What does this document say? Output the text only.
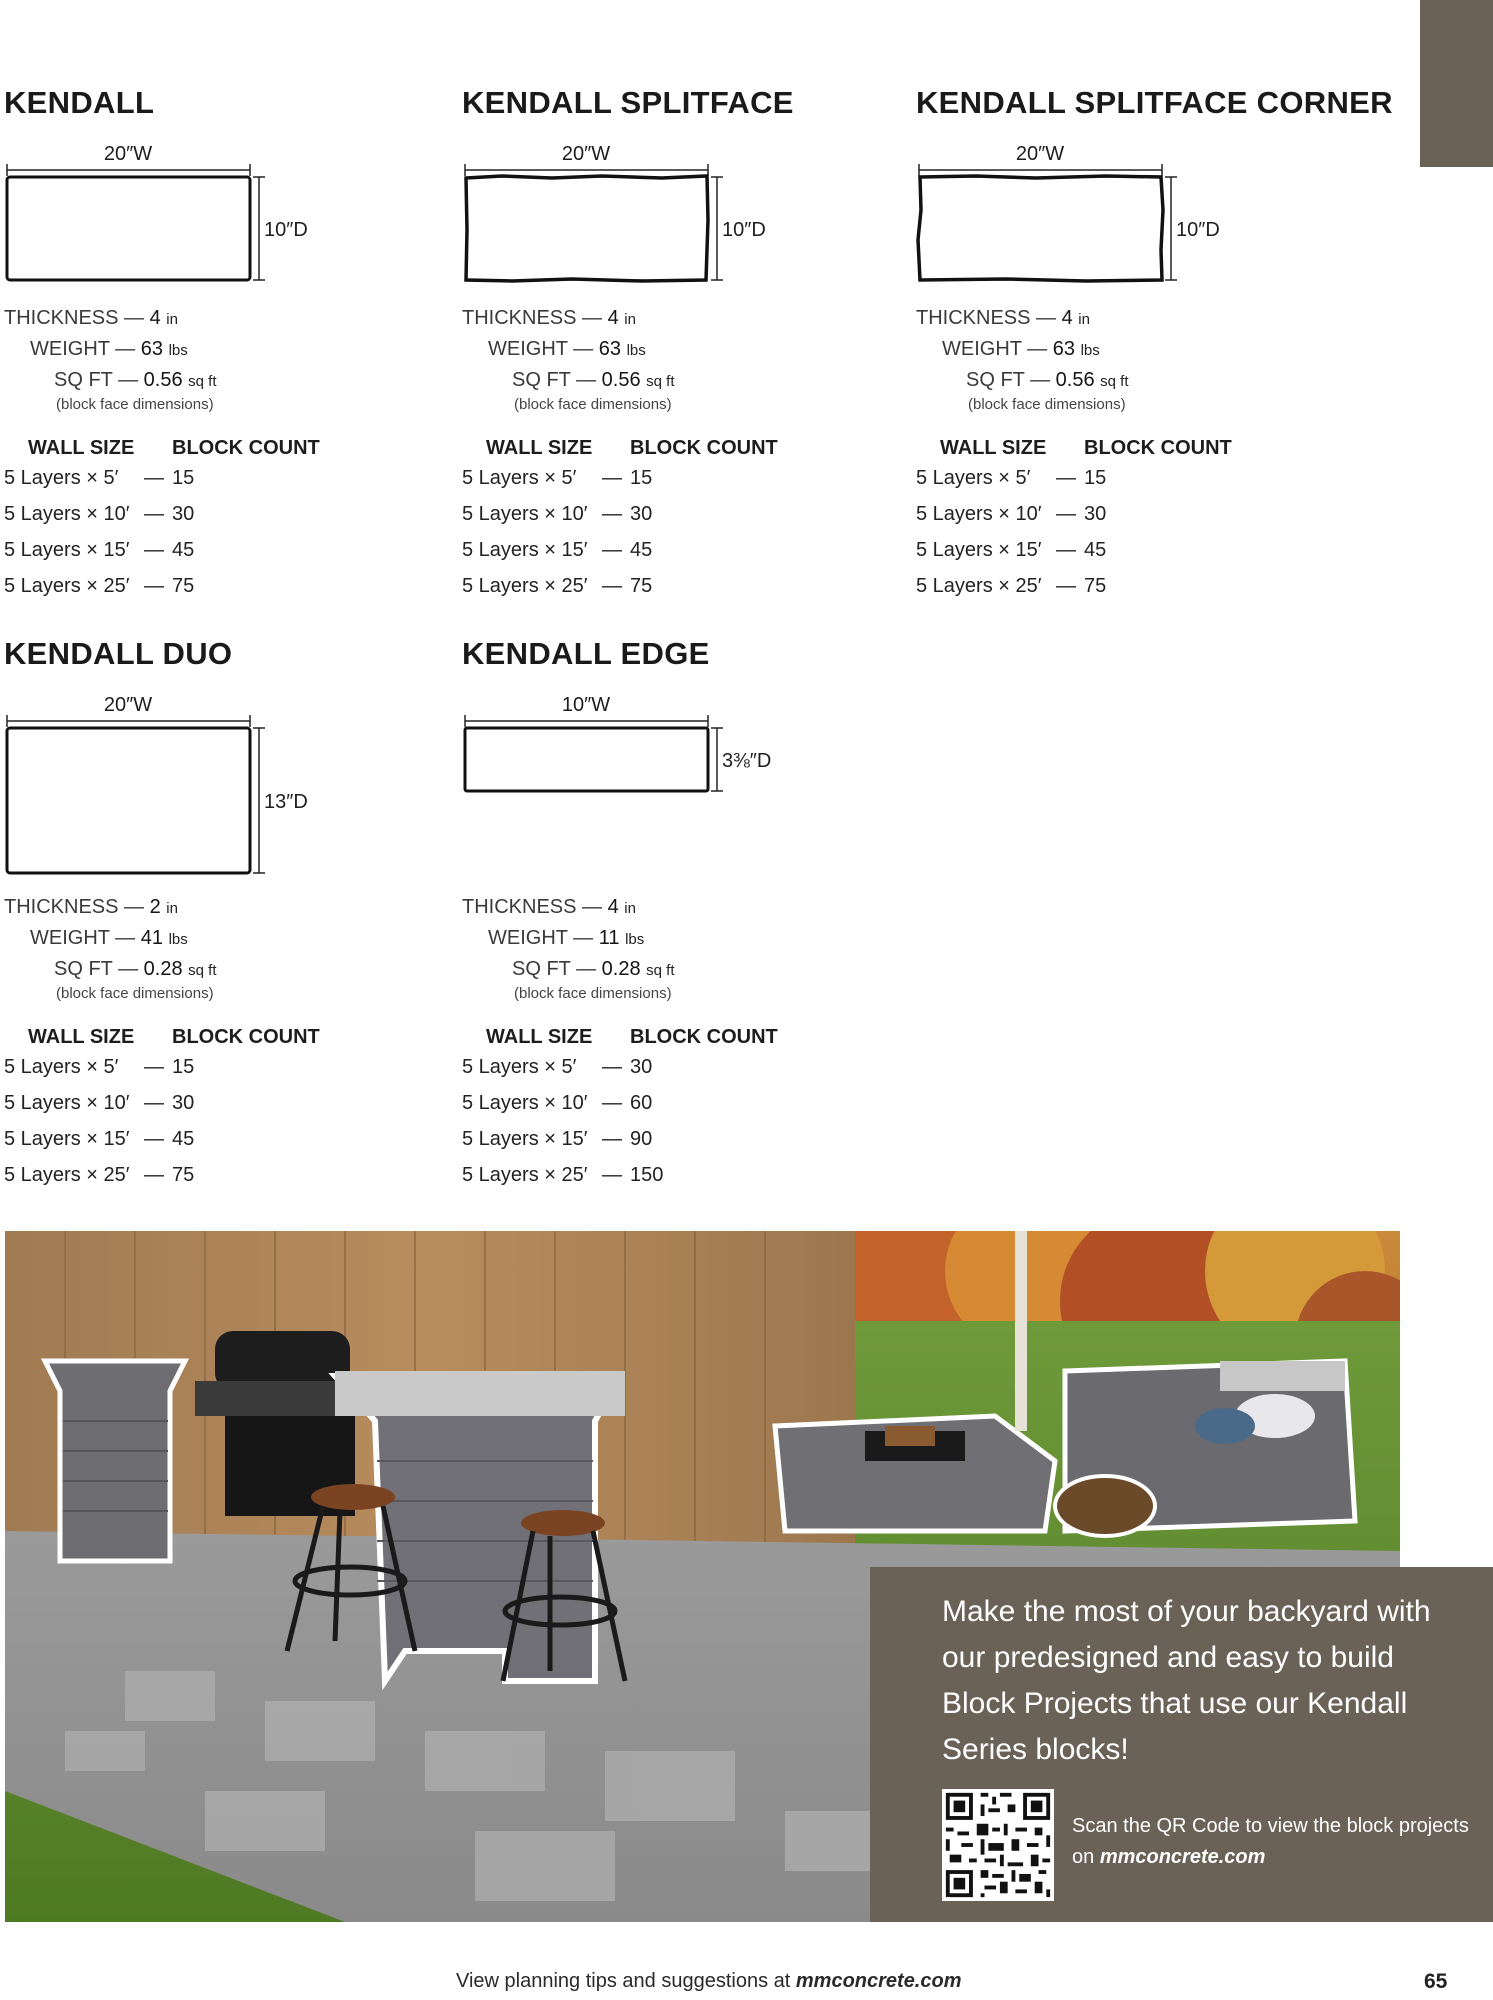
KENDALL
20″W
10″D
THICKNESS — 4 in
WEIGHT — 63 lbs
SQ FT — 0.56 sq ft
(block face dimensions)
WALL SIZE BLOCK COUNT
5 Layers × 5′ — 15
5 Layers × 10′ — 30
5 Layers × 15′ — 45
5 Layers × 25′ — 75
KENDALL SPLITFACE
20″W
10″D
THICKNESS — 4 in
WEIGHT — 63 lbs
SQ FT — 0.56 sq ft
(block face dimensions)
WALL SIZE BLOCK COUNT
5 Layers × 5′ — 15
5 Layers × 10′ — 30
5 Layers × 15′ — 45
5 Layers × 25′ — 75
KENDALL SPLITFACE CORNER
20″W
10″D
THICKNESS — 4 in
WEIGHT — 63 lbs
SQ FT — 0.56 sq ft
(block face dimensions)
WALL SIZE BLOCK COUNT
5 Layers × 5′ — 15
5 Layers × 10′ — 30
5 Layers × 15′ — 45
5 Layers × 25′ — 75
KENDALL DUO
20″W
13″D
THICKNESS — 2 in
WEIGHT — 41 lbs
SQ FT — 0.28 sq ft
(block face dimensions)
WALL SIZE BLOCK COUNT
5 Layers × 5′ — 15
5 Layers × 10′ — 30
5 Layers × 15′ — 45
5 Layers × 25′ — 75
KENDALL EDGE
10″W
3⅜″D
THICKNESS — 4 in
WEIGHT — 11 lbs
SQ FT — 0.28 sq ft
(block face dimensions)
WALL SIZE BLOCK COUNT
5 Layers × 5′ — 30
5 Layers × 10′ — 60
5 Layers × 15′ — 90
5 Layers × 25′ — 150
Make the most of your backyard with our predesigned and easy to build Block Projects that use our Kendall Series blocks!
Scan the QR Code to view the block projects on mmconcrete.com
View planning tips and suggestions at mmconcrete.com	65
